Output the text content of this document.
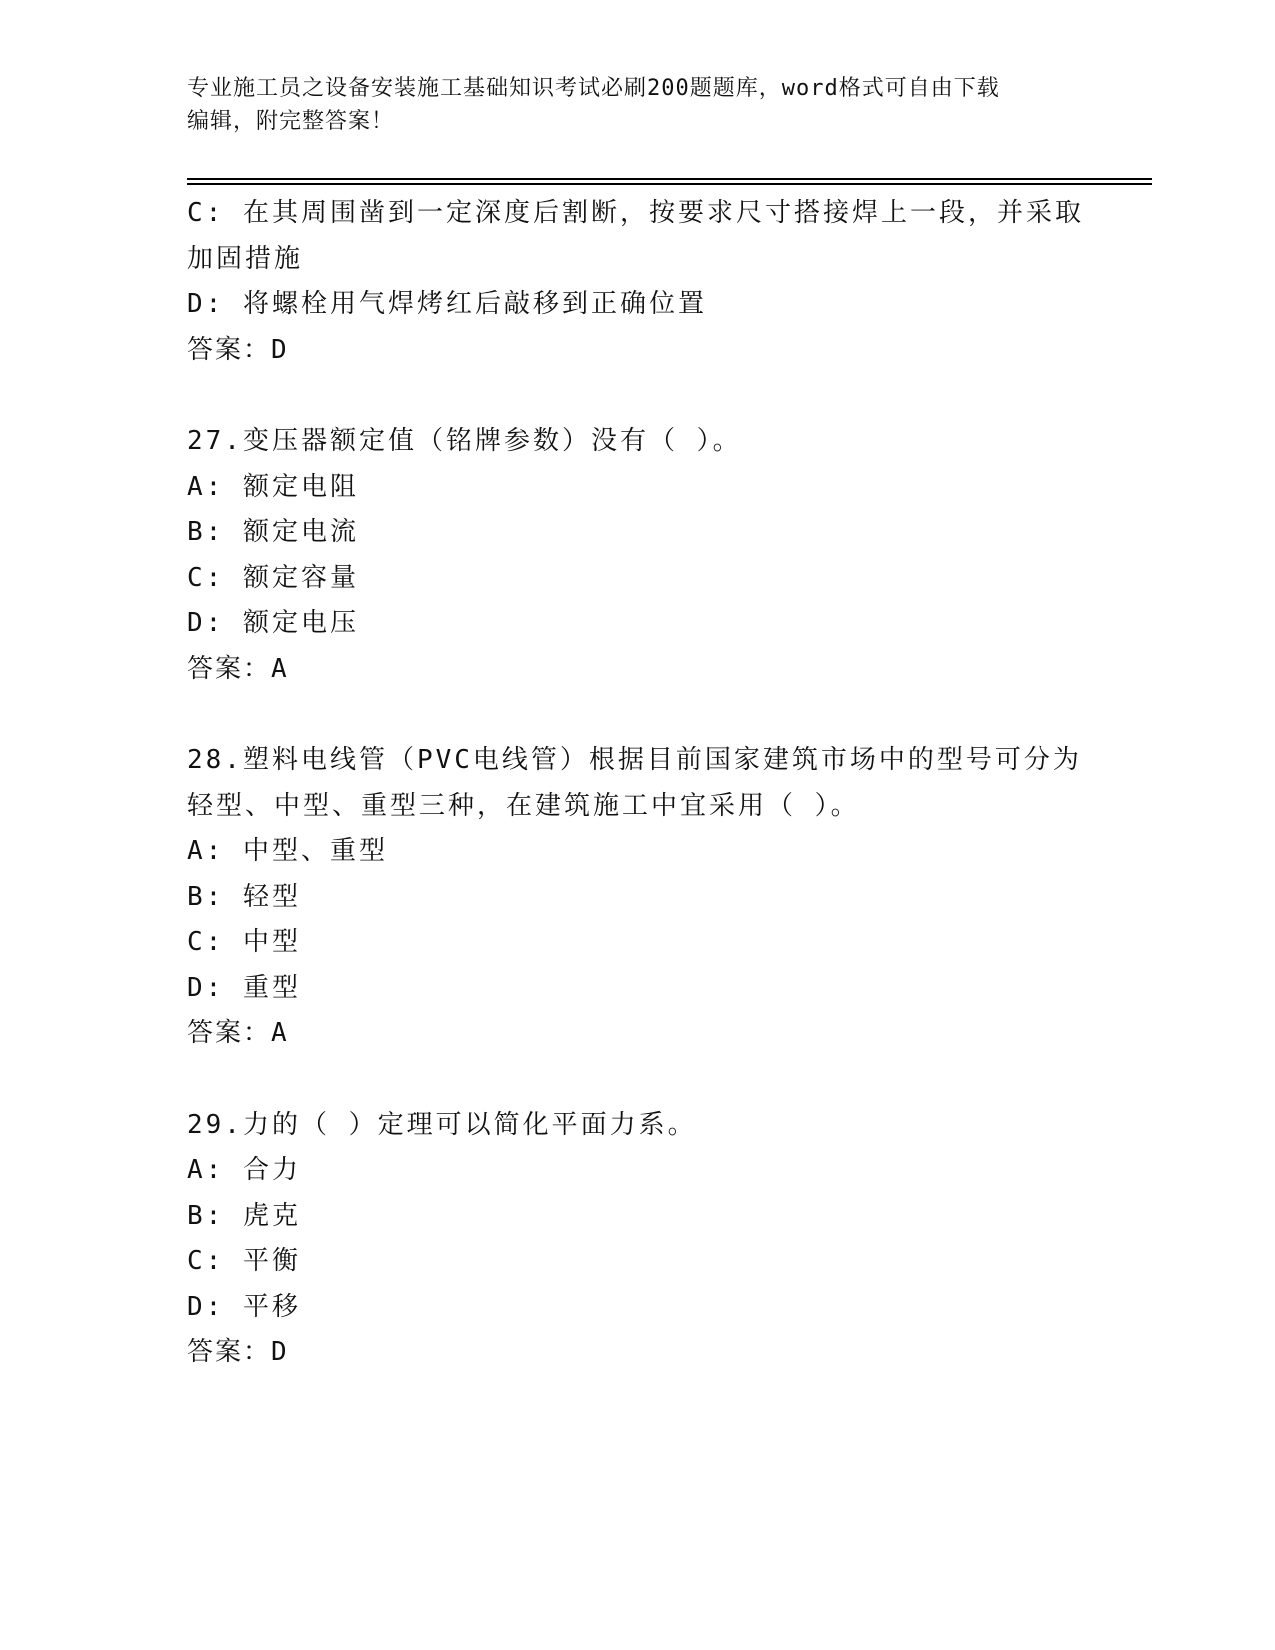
专业施工员之设备安装施工基础知识考试必刷200题题库，word格式可自由下载
编辑，附完整答案！
C: 在其周围凿到一定深度后割断，按要求尺寸搭接焊上一段，并采取
加固措施
D: 将螺栓用气焊烤红后敲移到正确位置
答案：D
27.变压器额定值（铭牌参数）没有（ ）。
A: 额定电阻
B: 额定电流
C: 额定容量
D: 额定电压
答案：A
28.塑料电线管（PVC电线管）根据目前国家建筑市场中的型号可分为
轻型、中型、重型三种，在建筑施工中宜采用（ ）。
A: 中型、重型
B: 轻型
C: 中型
D: 重型
答案：A
29.力的（ ）定理可以简化平面力系。
A: 合力
B: 虎克
C: 平衡
D: 平移
答案：D
